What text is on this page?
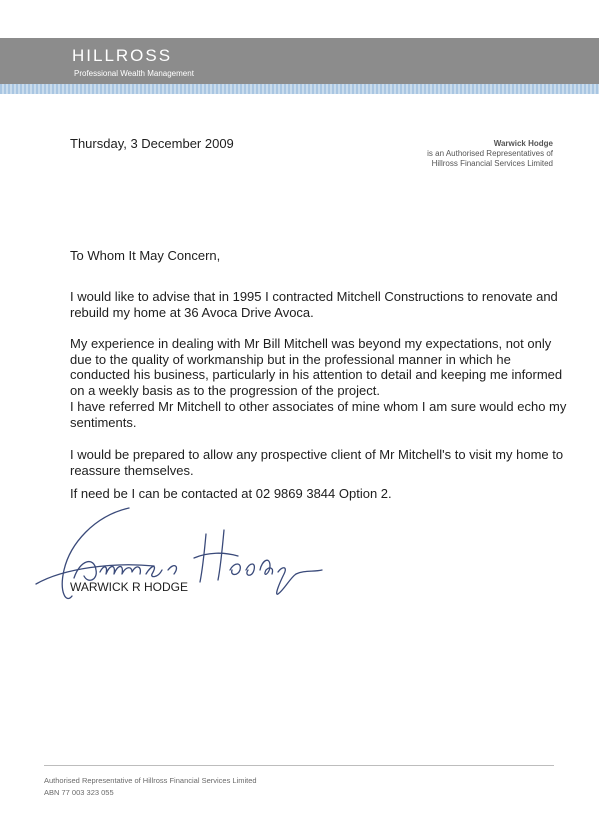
HILLROSS
Professional Wealth Management
Thursday, 3 December 2009	Warwick Hodge
is an Authorised Representatives of
Hillross Financial Services Limited
To Whom It May Concern,

I would like to advise that in 1995 I contracted Mitchell Constructions to renovate and rebuild my home at 36 Avoca Drive Avoca.

My experience in dealing with Mr Bill Mitchell was beyond my expectations, not only due to the quality of workmanship but in the professional manner in which he conducted his business, particularly in his attention to detail and keeping me informed on a weekly basis as to the progression of the project.

I have referred Mr Mitchell to other associates of mine whom I am sure would echo my sentiments.

I would be prepared to allow any prospective client of Mr Mitchell's to visit my home to reassure themselves.

If need be I can be contacted at 02 9869 3844 Option 2.

WARWICK R HODGE
Authorised Representative of Hillross Financial Services Limited
ABN 77 003 323 055
